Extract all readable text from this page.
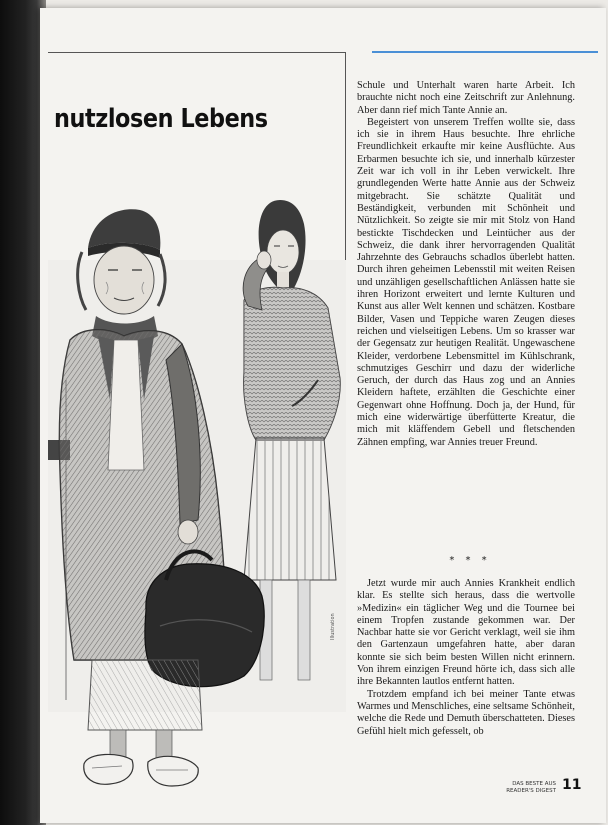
nutzlosen Lebens
Illustration

Schule und Unterhalt waren harte Arbeit. Ich brauchte nicht noch eine Zeitschrift zur Anlehnung. Aber dann rief mich Tante Annie an.

Begeistert von unserem Treffen wollte sie, dass ich sie in ihrem Haus besuchte. Ihre ehrliche Freundlichkeit erkaufte mir keine Ausflüchte. Aus Erbarmen besuchte ich sie, und innerhalb kürzester Zeit war ich voll in ihr Leben verwickelt. Ihre grundlegenden Werte hatte Annie aus der Schweiz mitgebracht. Sie schätzte Qualität und Beständigkeit, verbunden mit Schönheit und Nützlichkeit. So zeigte sie mir mit Stolz von Hand bestickte Tischdecken und Leintücher aus der Schweiz, die dank ihrer hervorragenden Qualität Jahrzehnte des Gebrauchs schadlos überlebt hatten. Durch ihren geheimen Lebensstil mit weiten Reisen und unzähligen gesellschaftlichen Anlässen hatte sie ihren Horizont erweitert und lernte Kulturen und Kunst aus aller Welt kennen und schätzen. Kostbare Bilder, Vasen und Teppiche waren Zeugen dieses reichen und vielseitigen Lebens. Um so krasser war der Gegensatz zur heutigen Realität. Ungewaschene Kleider, verdorbene Lebensmittel im Kühlschrank, schmutziges Geschirr und dazu der widerliche Geruch, der durch das Haus zog und an Annies Kleidern haftete, erzählten die Geschichte einer Gegenwart ohne Hoffnung. Doch ja, der Hund, für mich eine widerwärtige überfütterte Kreatur, die mich mit kläffendem Gebell und fletschenden Zähnen empfing, war Annies treuer Freund.

* * *

Jetzt wurde mir auch Annies Krankheit endlich klar. Es stellte sich heraus, dass die wertvolle »Medizin« ein täglicher Weg und die Tournee bei einem Tropfen zustande gekommen war. Der Nachbar hatte sie vor Gericht verklagt, weil sie ihm den Gartenzaun umgefahren hatte, aber daran konnte sie sich beim besten Willen nicht erinnern. Von ihrem einzigen Freund hörte ich, dass sich alle ihre Bekannten lautlos entfernt hatten.

Trotzdem empfand ich bei meiner Tante etwas Warmes und Menschliches, eine seltsame Schönheit, welche die Rede und Demuth überschatteten. Dieses Gefühl hielt mich gefesselt, ob

DAS BESTE AUS
READER'S DIGEST 11
